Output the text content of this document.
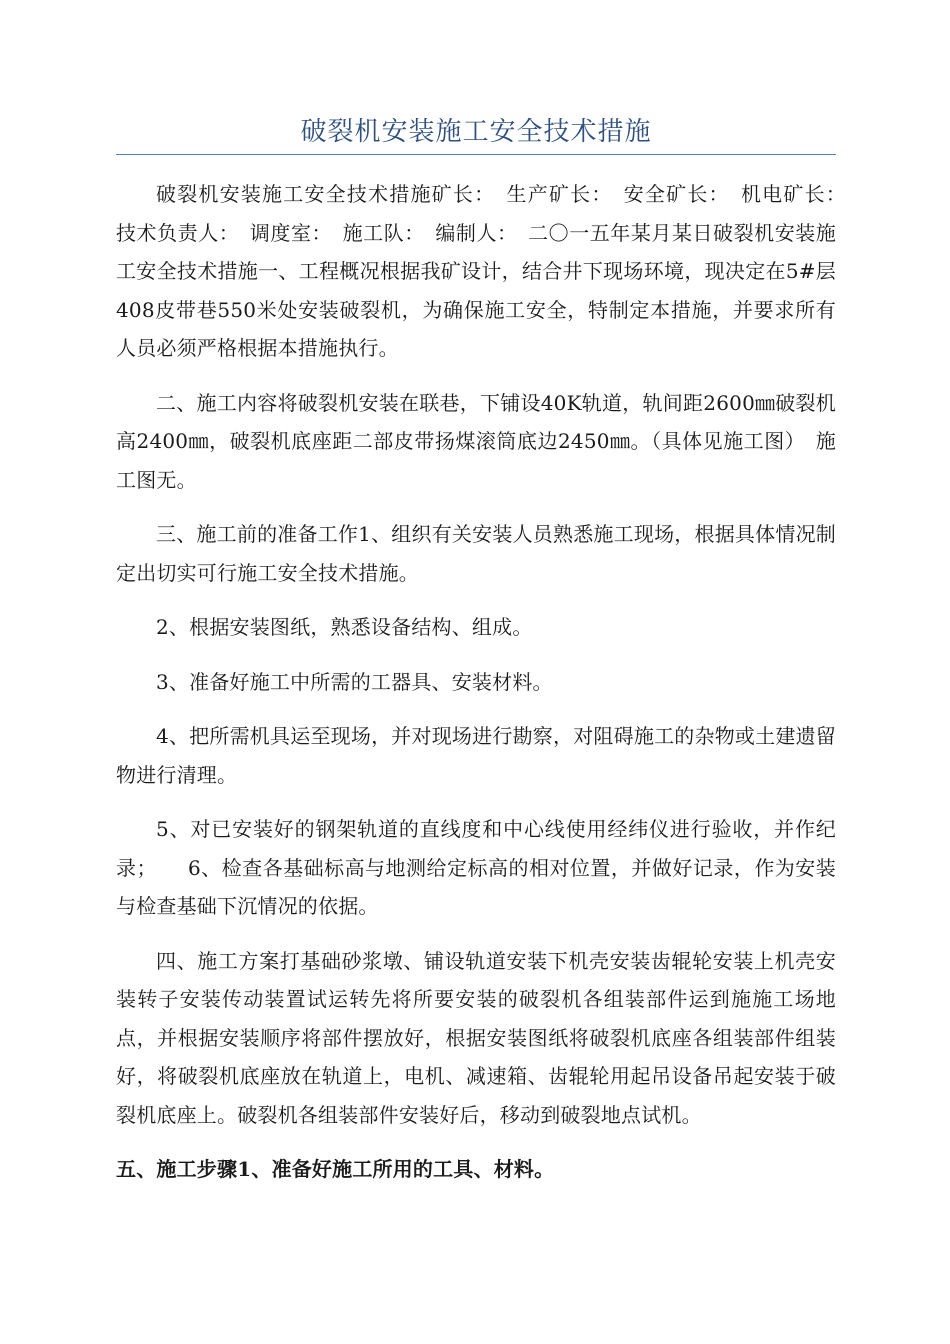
破裂机安装施工安全技术措施

破裂机安装施工安全技术措施矿长：　生产矿长：　安全矿长：　机电矿长：　技术负责人：　调度室：　施工队：　编制人：　二〇一五年某月某日破裂机安装施工安全技术措施一、工程概况根据我矿设计，结合井下现场环境，现决定在5#层408皮带巷550米处安装破裂机，为确保施工安全，特制定本措施，并要求所有人员必须严格根据本措施执行。

二、施工内容将破裂机安装在联巷，下铺设40K轨道，轨间距2600㎜破裂机高2400㎜，破裂机底座距二部皮带扬煤滚筒底边2450㎜。（具体见施工图）　施工图无。

三、施工前的准备工作1、组织有关安装人员熟悉施工现场，根据具体情况制定出切实可行施工安全技术措施。

2、根据安装图纸，熟悉设备结构、组成。

3、准备好施工中所需的工器具、安装材料。

4、把所需机具运至现场，并对现场进行勘察，对阻碍施工的杂物或土建遗留物进行清理。

5、对已安装好的钢架轨道的直线度和中心线使用经纬仪进行验收，并作纪录；　　6、检查各基础标高与地测给定标高的相对位置，并做好记录，作为安装与检查基础下沉情况的依据。

四、施工方案打基础砂浆墩、铺设轨道安装下机壳安装齿辊轮安装上机壳安装转子安装传动装置试运转先将所要安装的破裂机各组装部件运到施施工场地点，并根据安装顺序将部件摆放好，根据安装图纸将破裂机底座各组装部件组装好，将破裂机底座放在轨道上，电机、减速箱、齿辊轮用起吊设备吊起安装于破裂机底座上。破裂机各组装部件安装好后，移动到破裂地点试机。

五、施工步骤1、准备好施工所用的工具、材料。
